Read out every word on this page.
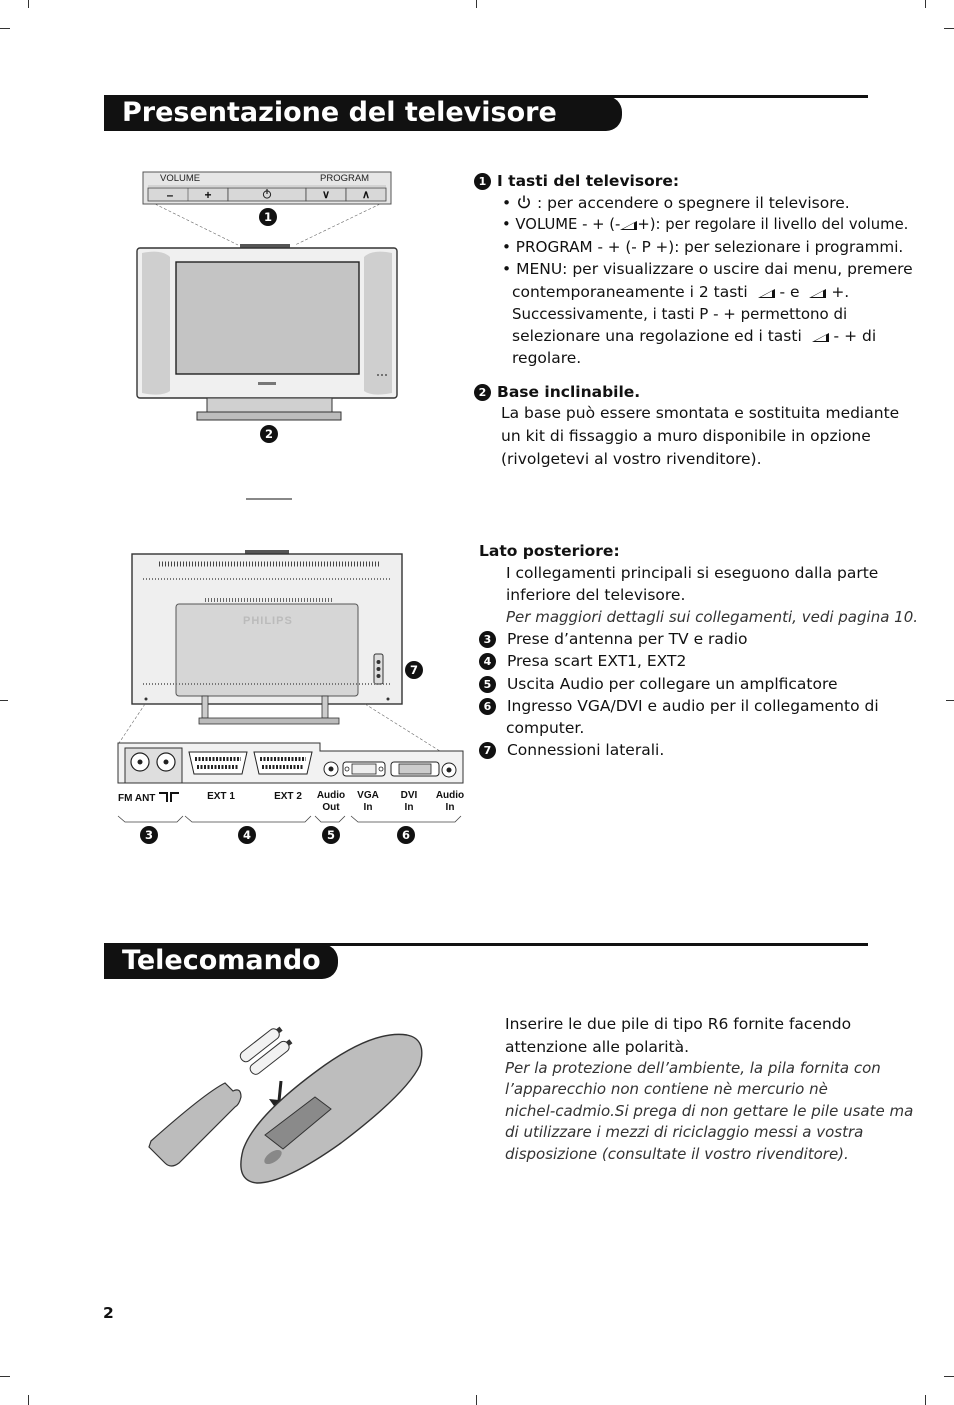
Presentazione del televisore LCD
VOLUME	PROGRAM
–	+	∨	∧
1
2
1 I tasti del televisore:
•  : per accendere o spegnere il televisore.
• VOLUME - + (- +): per regolare il livello del volume.
• PROGRAM - + (- P +): per selezionare i programmi.
• MENU: per visualizzare o uscire dai menu, premere
contemporaneamente i 2 tasti - e +.
Successivamente, i tasti P - + permettono di
selezionare una regolazione ed i tasti - + di
regolare.
2 Base inclinabile.
La base può essere smontata e sostituita mediante
un kit di fissaggio a muro disponibile in opzione
(rivolgetevi al vostro rivenditore).
PHILIPS
7
FM ANT	EXT 1	EXT 2 Audio
Out
VGA
In
DVI
In
Audio
In
3	4	5	6
Lato posteriore:
I collegamenti principali si eseguono dalla parte
inferiore del televisore.
Per maggiori dettagli sui collegamenti, vedi pagina 10.
3 Prese d’antenna per TV e radio
4 Presa scart EXT1, EXT2
5 Uscita Audio per collegare un amplficatore
6 Ingresso VGA/DVI e audio per il collegamento di
computer.
7 Connessioni laterali.
Telecomando
Inserire le due pile di tipo R6 fornite facendo
attenzione alle polarità.
Per la protezione dell’ambiente, la pila fornita con
l’apparecchio non contiene nè mercurio nè
nichel-cadmio.Si prega di non gettare le pile usate ma
di utilizzare i mezzi di riciclaggio messi a vostra
disposizione (consultate il vostro rivenditore).
2
